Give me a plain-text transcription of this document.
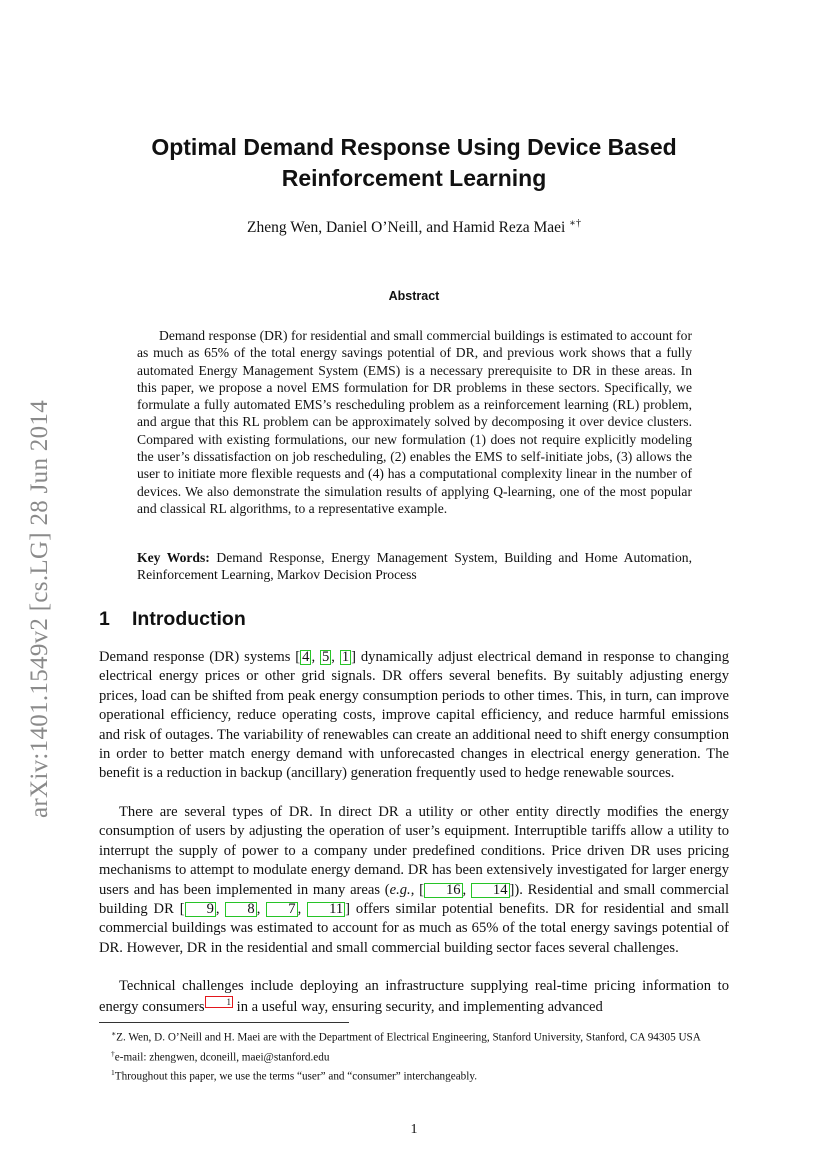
arXiv:1401.1549v2 [cs.LG] 28 Jun 2014
Optimal Demand Response Using Device Based Reinforcement Learning
Zheng Wen, Daniel O’Neill, and Hamid Reza Maei ∗†
Abstract

Demand response (DR) for residential and small commercial buildings is estimated to account for as much as 65% of the total energy savings potential of DR, and previous work shows that a fully automated Energy Management System (EMS) is a necessary prerequisite to DR in these areas. In this paper, we propose a novel EMS formulation for DR problems in these sectors. Specifically, we formulate a fully automated EMS’s rescheduling problem as a reinforcement learning (RL) problem, and argue that this RL problem can be approximately solved by decomposing it over device clusters. Compared with existing formulations, our new formulation (1) does not require explicitly modeling the user’s dissatisfaction on job rescheduling, (2) enables the EMS to self-initiate jobs, (3) allows the user to initiate more flexible requests and (4) has a computational complexity linear in the number of devices. We also demonstrate the simulation results of applying Q-learning, one of the most popular and classical RL algorithms, to a representative example.

Key Words: Demand Response, Energy Management System, Building and Home Automation, Reinforcement Learning, Markov Decision Process

1 Introduction

Demand response (DR) systems [ 4 , 5 , 1 ] dynamically adjust electrical demand in response to changing electrical energy prices or other grid signals. DR offers several benefits. By suitably adjusting energy prices, load can be shifted from peak energy consumption periods to other times. This, in turn, can improve operational efficiency, reduce operating costs, improve capital efficiency, and reduce harmful emissions and risk of outages. The variability of renewables can create an additional need to shift energy consumption in order to better match energy demand with unforecasted changes in electrical energy generation. The benefit is a reduction in backup (ancillary) generation frequently used to hedge renewable sources.

There are several types of DR. In direct DR a utility or other entity directly modifies the energy consumption of users by adjusting the operation of user’s equipment. Interruptible tariffs allow a utility to interrupt the supply of power to a company under predefined conditions. Price driven DR uses pricing mechanisms to attempt to modulate energy demand. DR has been extensively investigated for larger energy users and has been implemented in many areas (e.g., [ 16 , 14 ]). Residential and small commercial building DR [ 9 , 8 , 7 , 11 ] offers similar potential benefits. DR for residential and small commercial buildings was estimated to account for as much as 65% of the total energy savings potential of DR. However, DR in the residential and small commercial building sector faces several challenges.

Technical challenges include deploying an infrastructure supplying real-time pricing information to energy consumers 1 in a useful way, ensuring security, and implementing advanced

∗Z. Wen, D. O’Neill and H. Maei are with the Department of Electrical Engineering, Stanford University, Stanford, CA 94305 USA

†e-mail: zhengwen, dconeill, maei@stanford.edu

$^1$Throughout this paper, we use the terms “user” and “consumer” interchangeably.

1
